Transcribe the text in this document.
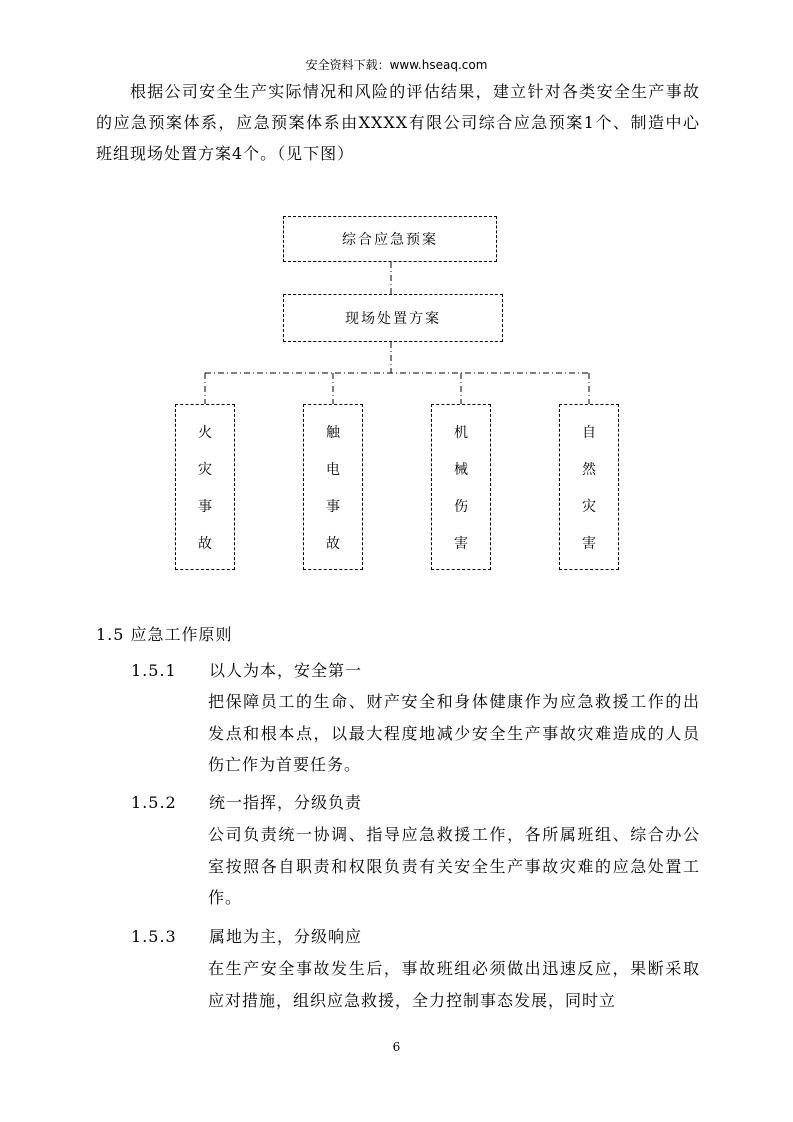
安全资料下载：www.hseaq.com
根据公司安全生产实际情况和风险的评估结果，建立针对各类安全生产事故的应急预案体系，应急预案体系由XXXX有限公司综合应急预案1个、制造中心班组现场处置方案4个。（见下图）
综合应急预案
现场处置方案
火
灾
事
故
触
电
事
故
机
械
伤
害
自
然
灾
害
1.5 应急工作原则
1.5.1 以人为本，安全第一
把保障员工的生命、财产安全和身体健康作为应急救援工作的出发点和根本点，以最大程度地减少安全生产事故灾难造成的人员伤亡作为首要任务。
1.5.2 统一指挥，分级负责
公司负责统一协调、指导应急救援工作，各所属班组、综合办公室按照各自职责和权限负责有关安全生产事故灾难的应急处置工作。
1.5.3 属地为主，分级响应
在生产安全事故发生后，事故班组必须做出迅速反应，果断采取应对措施，组织应急救援，全力控制事态发展，同时立
6
